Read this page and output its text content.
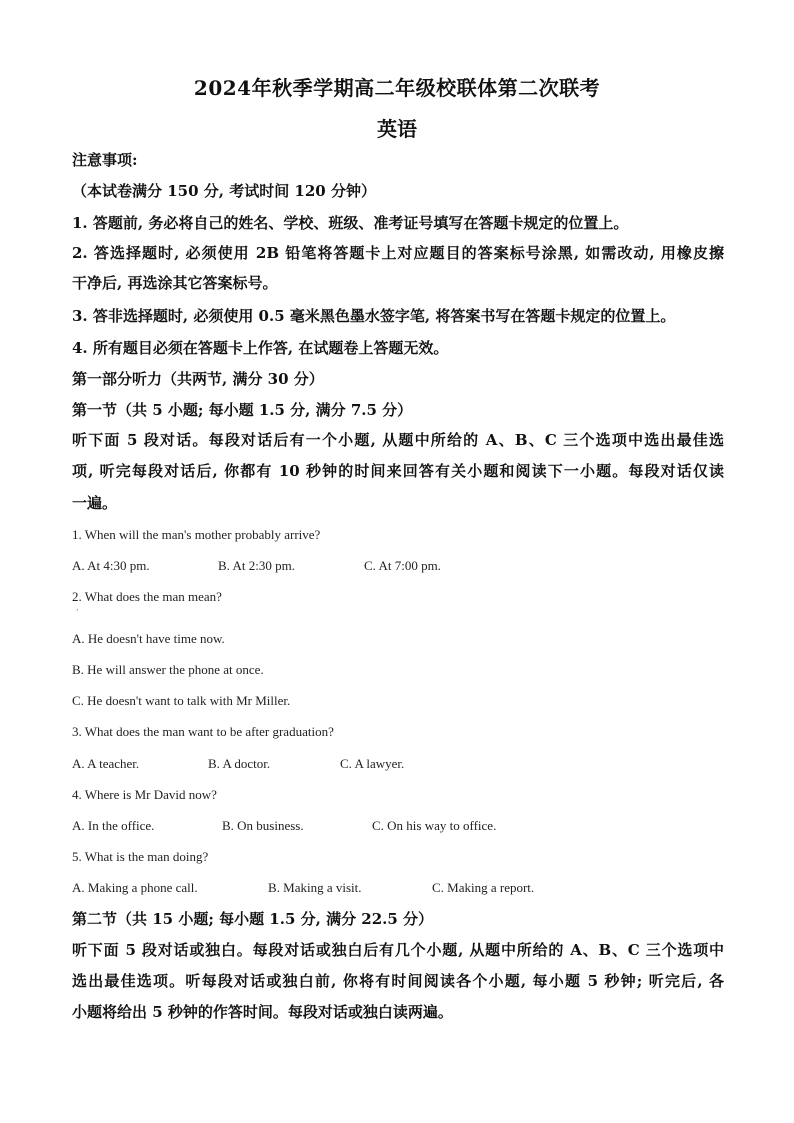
2024年秋季学期高二年级校联体第二次联考
英语
注意事项:
（本试卷满分 150 分, 考试时间 120 分钟）
1. 答题前, 务必将自己的姓名、学校、班级、准考证号填写在答题卡规定的位置上。
2. 答选择题时, 必须使用 2B 铅笔将答题卡上对应题目的答案标号涂黑, 如需改动, 用橡皮擦
干净后, 再选涂其它答案标号。
3. 答非选择题时, 必须使用 0.5 毫米黑色墨水签字笔, 将答案书写在答题卡规定的位置上。
4. 所有题目必须在答题卡上作答, 在试题卷上答题无效。
第一部分听力（共两节, 满分 30 分）
第一节（共 5 小题; 每小题 1.5 分, 满分 7.5 分）
听下面 5 段对话。每段对话后有一个小题, 从题中所给的 A、B、C 三个选项中选出最佳选
项, 听完每段对话后, 你都有 10 秒钟的时间来回答有关小题和阅读下一小题。每段对话仅读
一遍。
1. When will the man's mother probably arrive?
A. At 4:30 pm.	B. At 2:30 pm.	C. At 7:00 pm.
2. What does the man mean?
·
A. He doesn't have time now.
B. He will answer the phone at once.
C. He doesn't want to talk with Mr Miller.
3. What does the man want to be after graduation?
A. A teacher.	B. A doctor.	C. A lawyer.
4. Where is Mr David now?
A. In the office.	B. On business.	C. On his way to office.
5. What is the man doing?
A. Making a phone call.	B. Making a visit.	C. Making a report.
第二节（共 15 小题; 每小题 1.5 分, 满分 22.5 分）
听下面 5 段对话或独白。每段对话或独白后有几个小题, 从题中所给的 A、B、C 三个选项中
选出最佳选项。听每段对话或独白前, 你将有时间阅读各个小题, 每小题 5 秒钟; 听完后, 各
小题将给出 5 秒钟的作答时间。每段对话或独白读两遍。
